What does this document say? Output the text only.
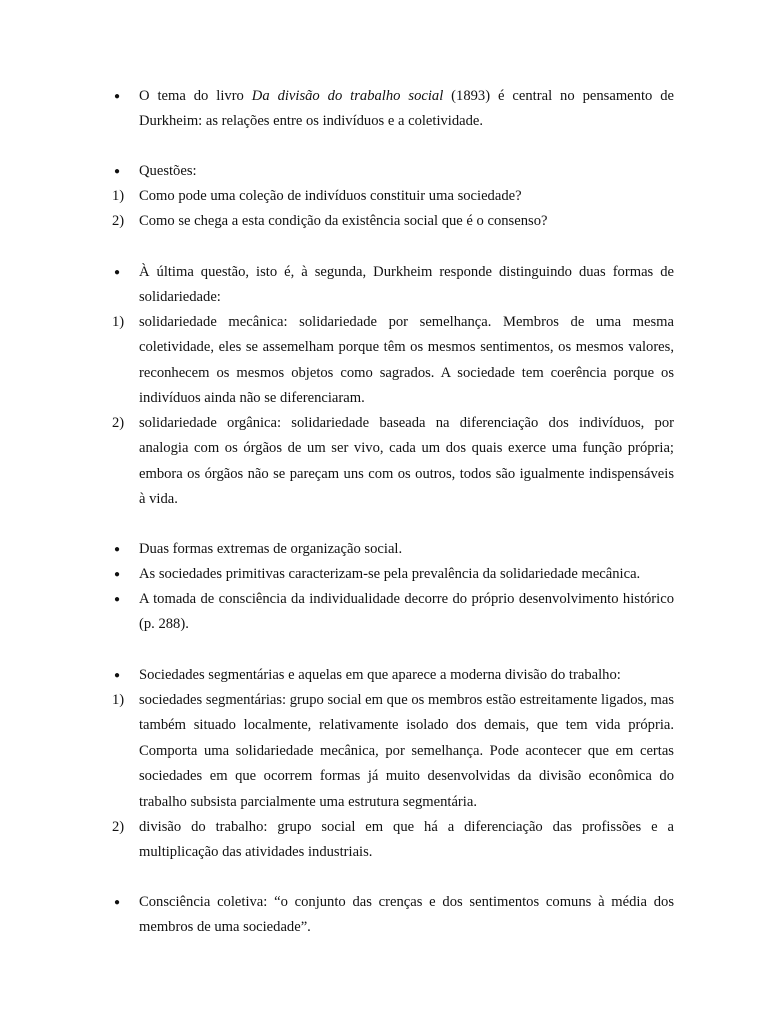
●	O tema do livro Da divisão do trabalho social (1893) é central no pensamento de Durkheim: as relações entre os indivíduos e a coletividade.
●	Questões:
1)	Como pode uma coleção de indivíduos constituir uma sociedade?
2)	Como se chega a esta condição da existência social que é o consenso?
●	À última questão, isto é, à segunda, Durkheim responde distinguindo duas formas de solidariedade:
1)	solidariedade mecânica: solidariedade por semelhança. Membros de uma mesma coletividade, eles se assemelham porque têm os mesmos sentimentos, os mesmos valores, reconhecem os mesmos objetos como sagrados. A sociedade tem coerência porque os indivíduos ainda não se diferenciaram.
2)	solidariedade orgânica: solidariedade baseada na diferenciação dos indivíduos, por analogia com os órgãos de um ser vivo, cada um dos quais exerce uma função própria; embora os órgãos não se pareçam uns com os outros, todos são igualmente indispensáveis à vida.
●	Duas formas extremas de organização social.
●	As sociedades primitivas caracterizam-se pela prevalência da solidariedade mecânica.
●	A tomada de consciência da individualidade decorre do próprio desenvolvimento histórico (p. 288).
●	Sociedades segmentárias e aquelas em que aparece a moderna divisão do trabalho:
1)	sociedades segmentárias: grupo social em que os membros estão estreitamente ligados, mas também situado localmente, relativamente isolado dos demais, que tem vida própria. Comporta uma solidariedade mecânica, por semelhança. Pode acontecer que em certas sociedades em que ocorrem formas já muito desenvolvidas da divisão econômica do trabalho subsista parcialmente uma estrutura segmentária.
2)	divisão do trabalho: grupo social em que há a diferenciação das profissões e a multiplicação das atividades industriais.
●	Consciência coletiva: “o conjunto das crenças e dos sentimentos comuns à média dos membros de uma sociedade”.
